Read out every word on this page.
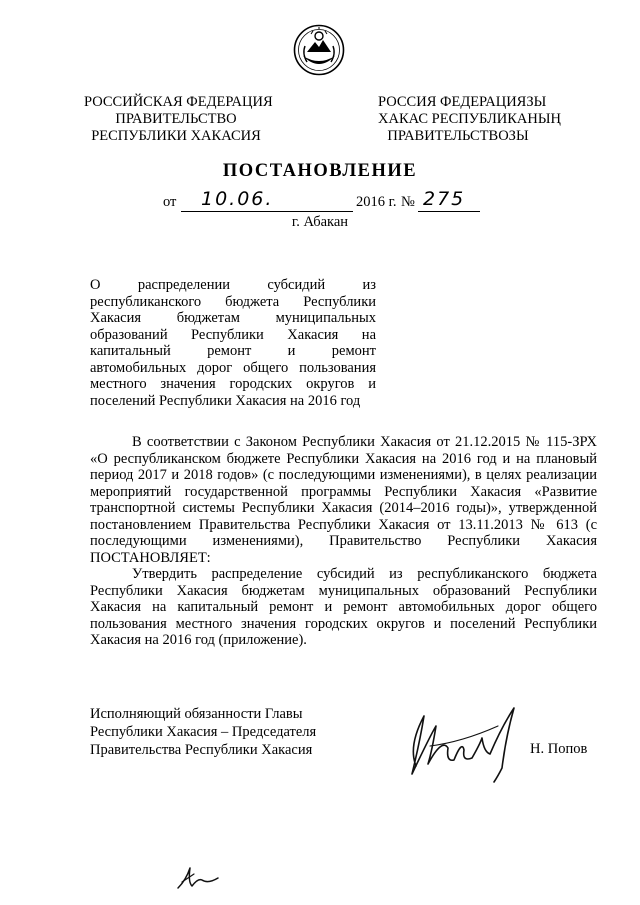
РОССИЙСКАЯ ФЕДЕРАЦИЯ
ПРАВИТЕЛЬСТВО
РЕСПУБЛИКИ ХАКАСИЯ
РОССИЯ ФЕДЕРАЦИЯЗЫ
ХАКАС РЕСПУБЛИКАНЫҢ
ПРАВИТЕЛЬСТВОЗЫ
ПОСТАНОВЛЕНИЕ
от 10.06.	2016 г. № 275
г. Абакан
О распределении субсидий из республиканского бюджета Республики Хакасия бюджетам муниципальных образований Республики Хакасия на капитальный ремонт и ремонт автомобильных дорог общего пользования местного значения городских округов и поселений Республики Хакасия на 2016 год

В соответствии с Законом Республики Хакасия от 21.12.2015 № 115-ЗРХ «О республиканском бюджете Республики Хакасия на 2016 год и на плановый период 2017 и 2018 годов» (с последующими изменениями), в целях реализации мероприятий государственной программы Республики Хакасия «Развитие транспортной системы Республики Хакасия (2014–2016 годы)», утвержденной постановлением Правительства Республики Хакасия от 13.11.2013 № 613 (с последующими изменениями), Правительство Республики Хакасия ПОСТАНОВЛЯЕТ:

Утвердить распределение субсидий из республиканского бюджета Республики Хакасия бюджетам муниципальных образований Республики Хакасия на капитальный ремонт и ремонт автомобильных дорог общего пользования местного значения городских округов и поселений Республики Хакасия на 2016 год (приложение).

Исполняющий обязанности Главы
Республики Хакасия – Председателя
Правительства Республики Хакасия	Н. Попов
